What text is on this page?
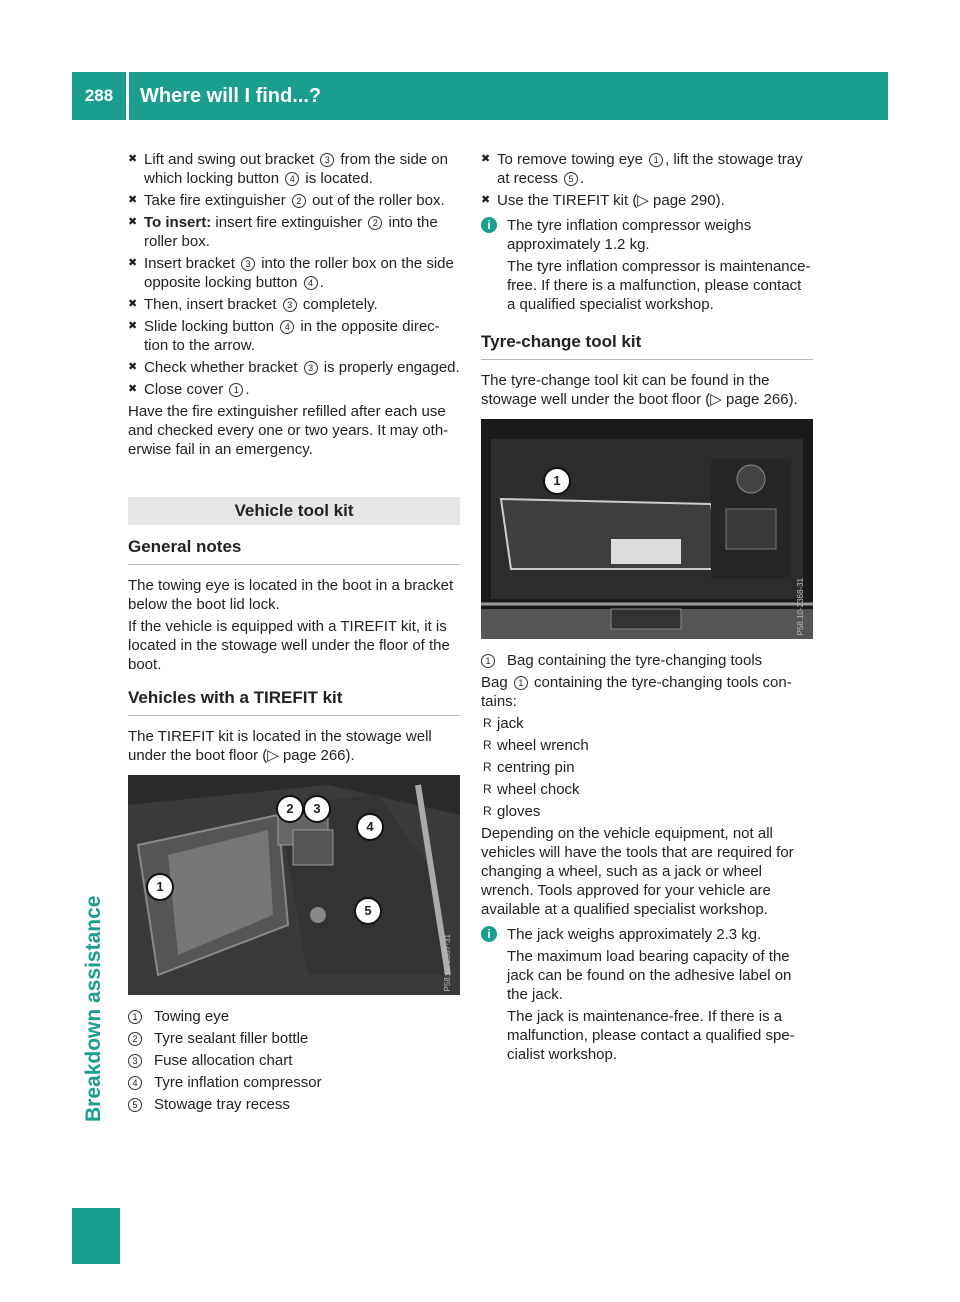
288	Where will I find...?
Breakdown assistance
✖ Lift and swing out bracket 3 from the side on which locking button 4 is located.
✖ Take fire extinguisher 2 out of the roller box.
✖ To insert: insert fire extinguisher 2 into the roller box.
✖ Insert bracket 3 into the roller box on the side opposite locking button 4 .
✖ Then, insert bracket 3 completely.
✖ Slide locking button 4 in the opposite direc-tion to the arrow.
✖ Check whether bracket 3 is properly engaged.
✖ Close cover 1 .

Have the fire extinguisher refilled after each use and checked every one or two years. It may oth-erwise fail in an emergency.

Vehicle tool kit
General notes

The towing eye is located in the boot in a bracket below the boot lid lock.

If the vehicle is equipped with a TIREFIT kit, it is located in the stowage well under the floor of the boot.

Vehicles with a TIREFIT kit

The TIREFIT kit is located in the stowage well under the boot floor (▷ page 266).

1
2	3
4
5
P58.10-2367-31
1	Towing eye
2	Tyre sealant filler bottle
3	Fuse allocation chart
4	Tyre inflation compressor
5	Stowage tray recess
✖ To remove towing eye 1 , lift the stowage tray at recess 5 .
✖ Use the TIREFIT kit (▷ page 290).
i	The tyre inflation compressor weighs approximately 1.2 kg.
The tyre inflation compressor is maintenance-free. If there is a malfunction, please contact a qualified specialist workshop.
Tyre-change tool kit

The tyre-change tool kit can be found in the stowage well under the boot floor (▷ page 266).

1
P58.10-2368-31
1	Bag containing the tyre-changing tools

Bag 1 containing the tyre-changing tools con-tains:

R jack
R wheel wrench
R centring pin
R wheel chock
R gloves

Depending on the vehicle equipment, not all vehicles will have the tools that are required for changing a wheel, such as a jack or wheel wrench. Tools approved for your vehicle are available at a qualified specialist workshop.

i	The jack weighs approximately 2.3 kg.
The maximum load bearing capacity of the jack can be found on the adhesive label on the jack.
The jack is maintenance-free. If there is a malfunction, please contact a qualified spe-cialist workshop.
